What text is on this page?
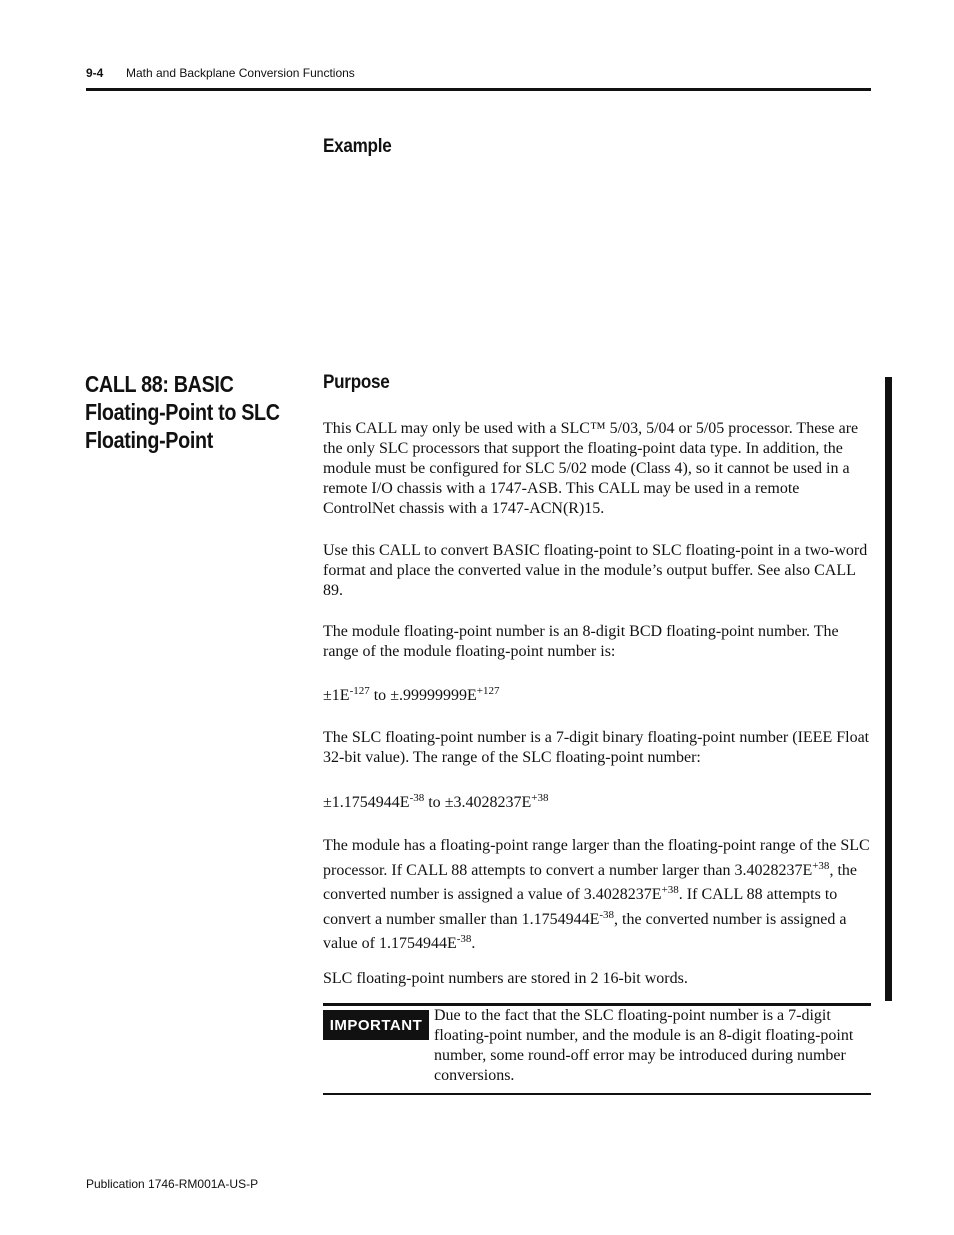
9-4 Math and Backplane Conversion Functions
Example
CALL 88: BASIC
Floating-Point to SLC
Floating-Point
Purpose
This CALL may only be used with a SLC™ 5/03, 5/04 or 5/05 processor. These are the only SLC processors that support the floating-point data type. In addition, the module must be configured for SLC 5/02 mode (Class 4), so it cannot be used in a remote I/O chassis with a 1747-ASB. This CALL may be used in a remote ControlNet chassis with a 1747-ACN(R)15.
Use this CALL to convert BASIC floating-point to SLC floating-point in a two-word format and place the converted value in the module’s output buffer. See also CALL 89.
The module floating-point number is an 8-digit BCD floating-point number. The range of the module floating-point number is:
$\pm 1E^{-127}$ to $\pm.99999999E^{+127}$
The SLC floating-point number is a 7-digit binary floating-point number (IEEE Float 32-bit value). The range of the SLC floating-point number:
$\pm 1.1754944E^{-38}$ to $\pm 3.4028237E^{+38}$
The module has a floating-point range larger than the floating-point range of the SLC processor. If CALL 88 attempts to convert a number larger than $3.4028237E^{+38}$, the converted number is assigned a value of $3.4028237E^{+38}$. If CALL 88 attempts to convert a number smaller than $1.1754944E^{-38}$, the converted number is assigned a value of $1.1754944E^{-38}$.
SLC floating-point numbers are stored in 2 16-bit words.
IMPORTANT
Due to the fact that the SLC floating-point number is a 7-digit floating-point number, and the module is an 8-digit floating-point number, some round-off error may be introduced during number conversions.
Publication 1746-RM001A-US-P
